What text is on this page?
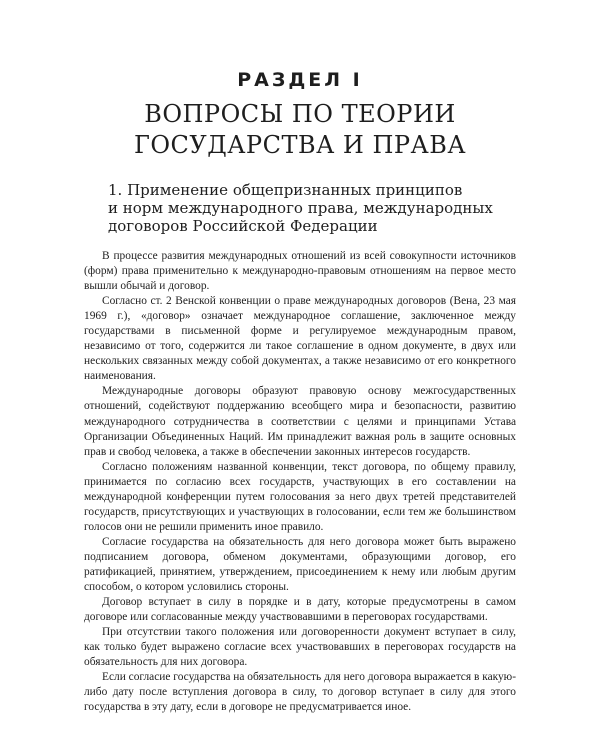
РАЗДЕЛ I
ВОПРОСЫ ПО ТЕОРИИ
ГОСУДАРСТВА И ПРАВА
1. Применение общепризнанных принципов
и норм международного права, международных
договоров Российской Федерации

В процессе развития международных отношений из всей совокупности источников (форм) права применительно к международно-правовым отношениям на первое место вышли обычай и договор.

Согласно ст. 2 Венской конвенции о праве международных договоров (Вена, 23 мая 1969 г.), «договор» означает международное соглашение, заключенное между государствами в письменной форме и регулируемое международным правом, независимо от того, содержится ли такое соглашение в одном документе, в двух или нескольких связанных между собой документах, а также независимо от его конкретного наименования.

Международные договоры образуют правовую основу межгосударственных отношений, содействуют поддержанию всеобщего мира и безопасности, развитию международного сотрудничества в соответствии с целями и принципами Устава Организации Объединенных Наций. Им принадлежит важная роль в защите основных прав и свобод человека, а также в обеспечении законных интересов государств.

Согласно положениям названной конвенции, текст договора, по общему правилу, принимается по согласию всех государств, участвующих в его составлении на международной конференции путем голосования за него двух третей представителей государств, присутствующих и участвующих в голосовании, если тем же большинством голосов они не решили применить иное правило.

Согласие государства на обязательность для него договора может быть выражено подписанием договора, обменом документами, образующими договор, его ратификацией, принятием, утверждением, присоединением к нему или любым другим способом, о котором условились стороны.

Договор вступает в силу в порядке и в дату, которые предусмотрены в самом договоре или согласованные между участвовавшими в переговорах государствами.

При отсутствии такого положения или договоренности документ вступает в силу, как только будет выражено согласие всех участвовавших в переговорах государств на обязательность для них договора.

Если согласие государства на обязательность для него договора выражается в какую-либо дату после вступления договора в силу, то договор вступает в силу для этого государства в эту дату, если в договоре не предусматривается иное.
